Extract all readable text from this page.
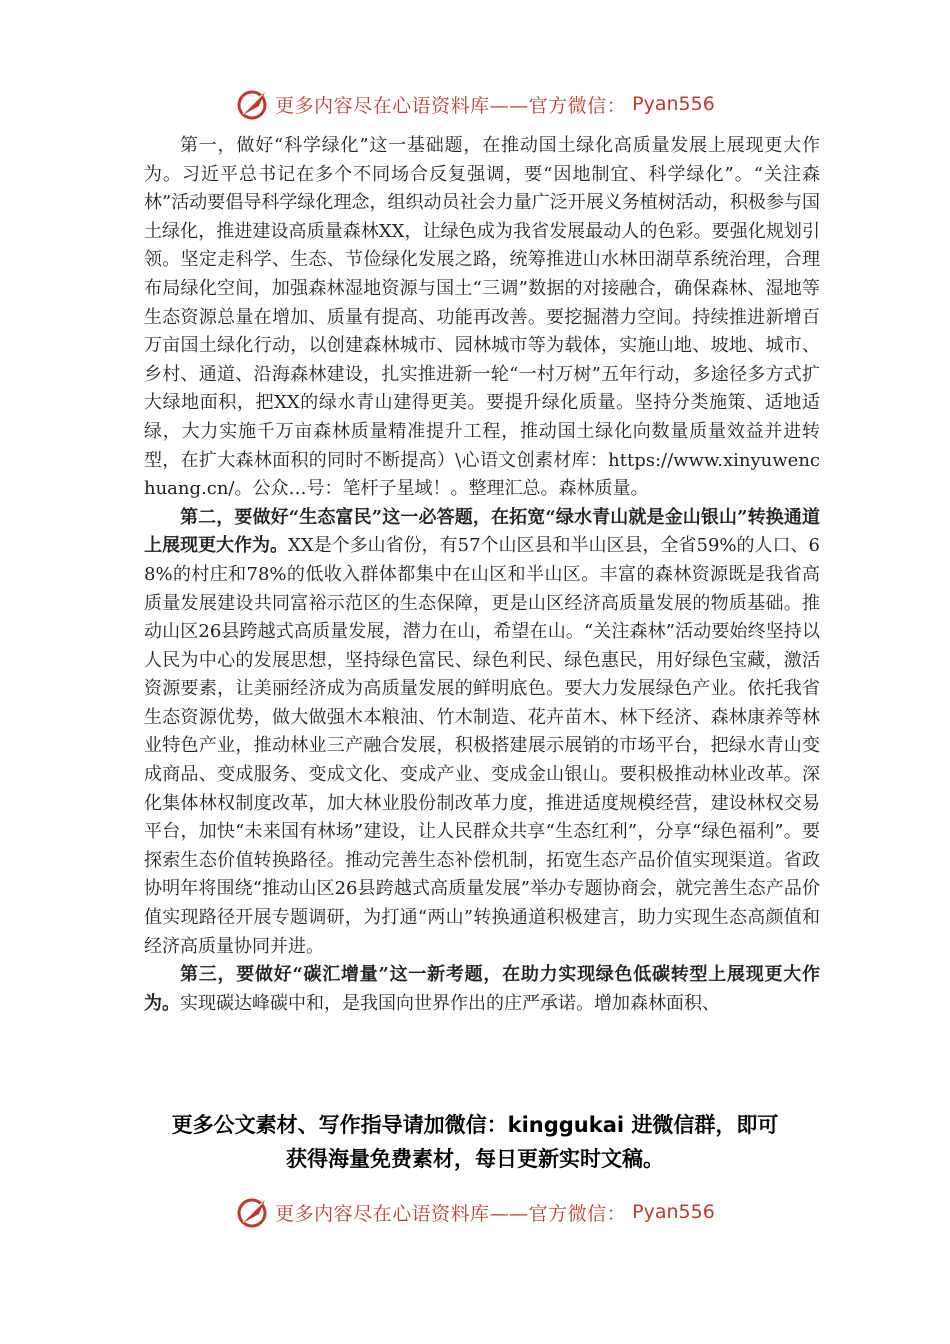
更多内容尽在心语资料库——官方微信： Pyan556

第一，做好“科学绿化”这一基础题，在推动国土绿化高质量发展上展现更大作为。习近平总书记在多个不同场合反复强调，要“因地制宜、科学绿化”。“关注森林”活动要倡导科学绿化理念，组织动员社会力量广泛开展义务植树活动，积极参与国土绿化，推进建设高质量森林XX，让绿色成为我省发展最动人的色彩。要强化规划引领。坚定走科学、生态、节俭绿化发展之路，统筹推进山水林田湖草系统治理，合理布局绿化空间，加强森林湿地资源与国土“三调”数据的对接融合，确保森林、湿地等生态资源总量在增加、质量有提高、功能再改善。要挖掘潜力空间。持续推进新增百万亩国土绿化行动，以创建森林城市、园林城市等为载体，实施山地、坡地、城市、乡村、通道、沿海森林建设，扎实推进新一轮“一村万树”五年行动，多途径多方式扩大绿地面积，把XX的绿水青山建得更美。要提升绿化质量。坚持分类施策、适地适绿，大力实施千万亩森林质量精准提升工程，推动国土绿化向数量质量效益并进转型，在扩大森林面积的同时不断提高）\心语文创素材库：https://www.xinyuwenchuang.cn/。公众…号：笔杆子星域！。整理汇总。森林质量。

第二，要做好“生态富民”这一必答题，在拓宽“绿水青山就是金山银山”转换通道上展现更大作为。XX是个多山省份，有57个山区县和半山区县，全省59%的人口、68%的村庄和78%的低收入群体都集中在山区和半山区。丰富的森林资源既是我省高质量发展建设共同富裕示范区的生态保障，更是山区经济高质量发展的物质基础。推动山区26县跨越式高质量发展，潜力在山，希望在山。“关注森林”活动要始终坚持以人民为中心的发展思想，坚持绿色富民、绿色利民、绿色惠民，用好绿色宝藏，激活资源要素，让美丽经济成为高质量发展的鲜明底色。要大力发展绿色产业。依托我省生态资源优势，做大做强木本粮油、竹木制造、花卉苗木、林下经济、森林康养等林业特色产业，推动林业三产融合发展，积极搭建展示展销的市场平台，把绿水青山变成商品、变成服务、变成文化、变成产业、变成金山银山。要积极推动林业改革。深化集体林权制度改革，加大林业股份制改革力度，推进适度规模经营，建设林权交易平台，加快“未来国有林场”建设，让人民群众共享“生态红利”，分享“绿色福利”。要探索生态价值转换路径。推动完善生态补偿机制，拓宽生态产品价值实现渠道。省政协明年将围绕“推动山区26县跨越式高质量发展”举办专题协商会，就完善生态产品价值实现路径开展专题调研，为打通“两山”转换通道积极建言，助力实现生态高颜值和经济高质量协同并进。

第三，要做好“碳汇增量”这一新考题，在助力实现绿色低碳转型上展现更大作为。实现碳达峰碳中和，是我国向世界作出的庄严承诺。增加森林面积、

更多公文素材、写作指导请加微信：kinggukai 进微信群，即可
获得海量免费素材，每日更新实时文稿。
更多内容尽在心语资料库——官方微信： Pyan556
